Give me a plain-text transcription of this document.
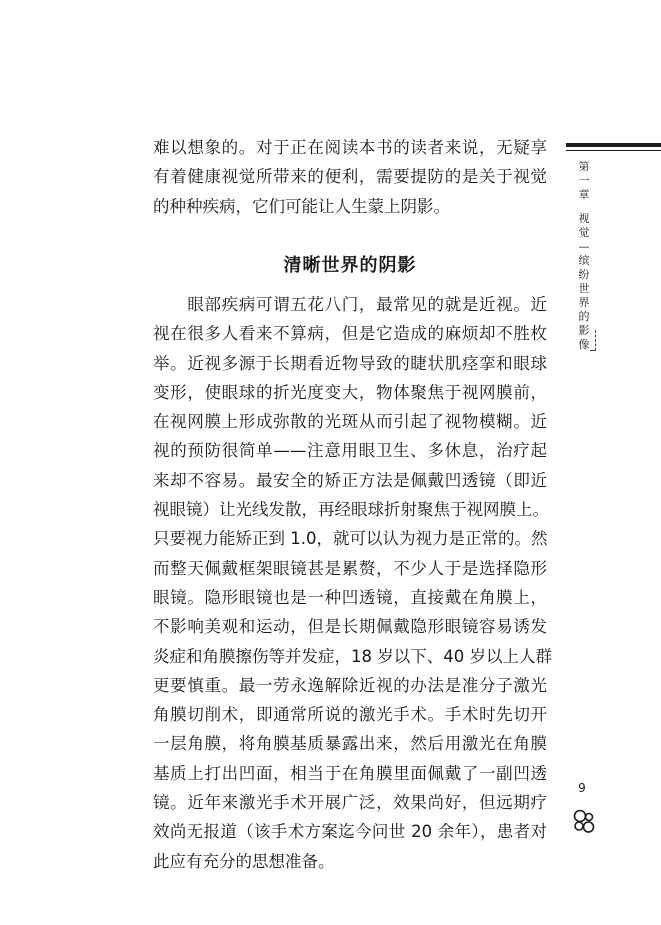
难以想象的。对于正在阅读本书的读者来说，无疑享
有着健康视觉所带来的便利，需要提防的是关于视觉
的种种疾病，它们可能让人生蒙上阴影。
清晰世界的阴影
　　眼部疾病可谓五花八门，最常见的就是近视。近
视在很多人看来不算病，但是它造成的麻烦却不胜枚
举。近视多源于长期看近物导致的睫状肌痉挛和眼球
变形，使眼球的折光度变大，物体聚焦于视网膜前，
在视网膜上形成弥散的光斑从而引起了视物模糊。近
视的预防很简单——注意用眼卫生、多休息，治疗起
来却不容易。最安全的矫正方法是佩戴凹透镜（即近
视眼镜）让光线发散，再经眼球折射聚焦于视网膜上。
只要视力能矫正到 1.0，就可以认为视力是正常的。然
而整天佩戴框架眼镜甚是累赘，不少人于是选择隐形
眼镜。隐形眼镜也是一种凹透镜，直接戴在角膜上，
不影响美观和运动，但是长期佩戴隐形眼镜容易诱发
炎症和角膜擦伤等并发症，18 岁以下、40 岁以上人群
更要慎重。最一劳永逸解除近视的办法是准分子激光
角膜切削术，即通常所说的激光手术。手术时先切开
一层角膜，将角膜基质暴露出来，然后用激光在角膜
基质上打出凹面，相当于在角膜里面佩戴了一副凹透
镜。近年来激光手术开展广泛，效果尚好，但远期疗
效尚无报道（该手术方案迄今问世 20 余年），患者对
此应有充分的思想准备。
第
一
章
视
觉
—
缤
纷
世
界
的
影
像
9
